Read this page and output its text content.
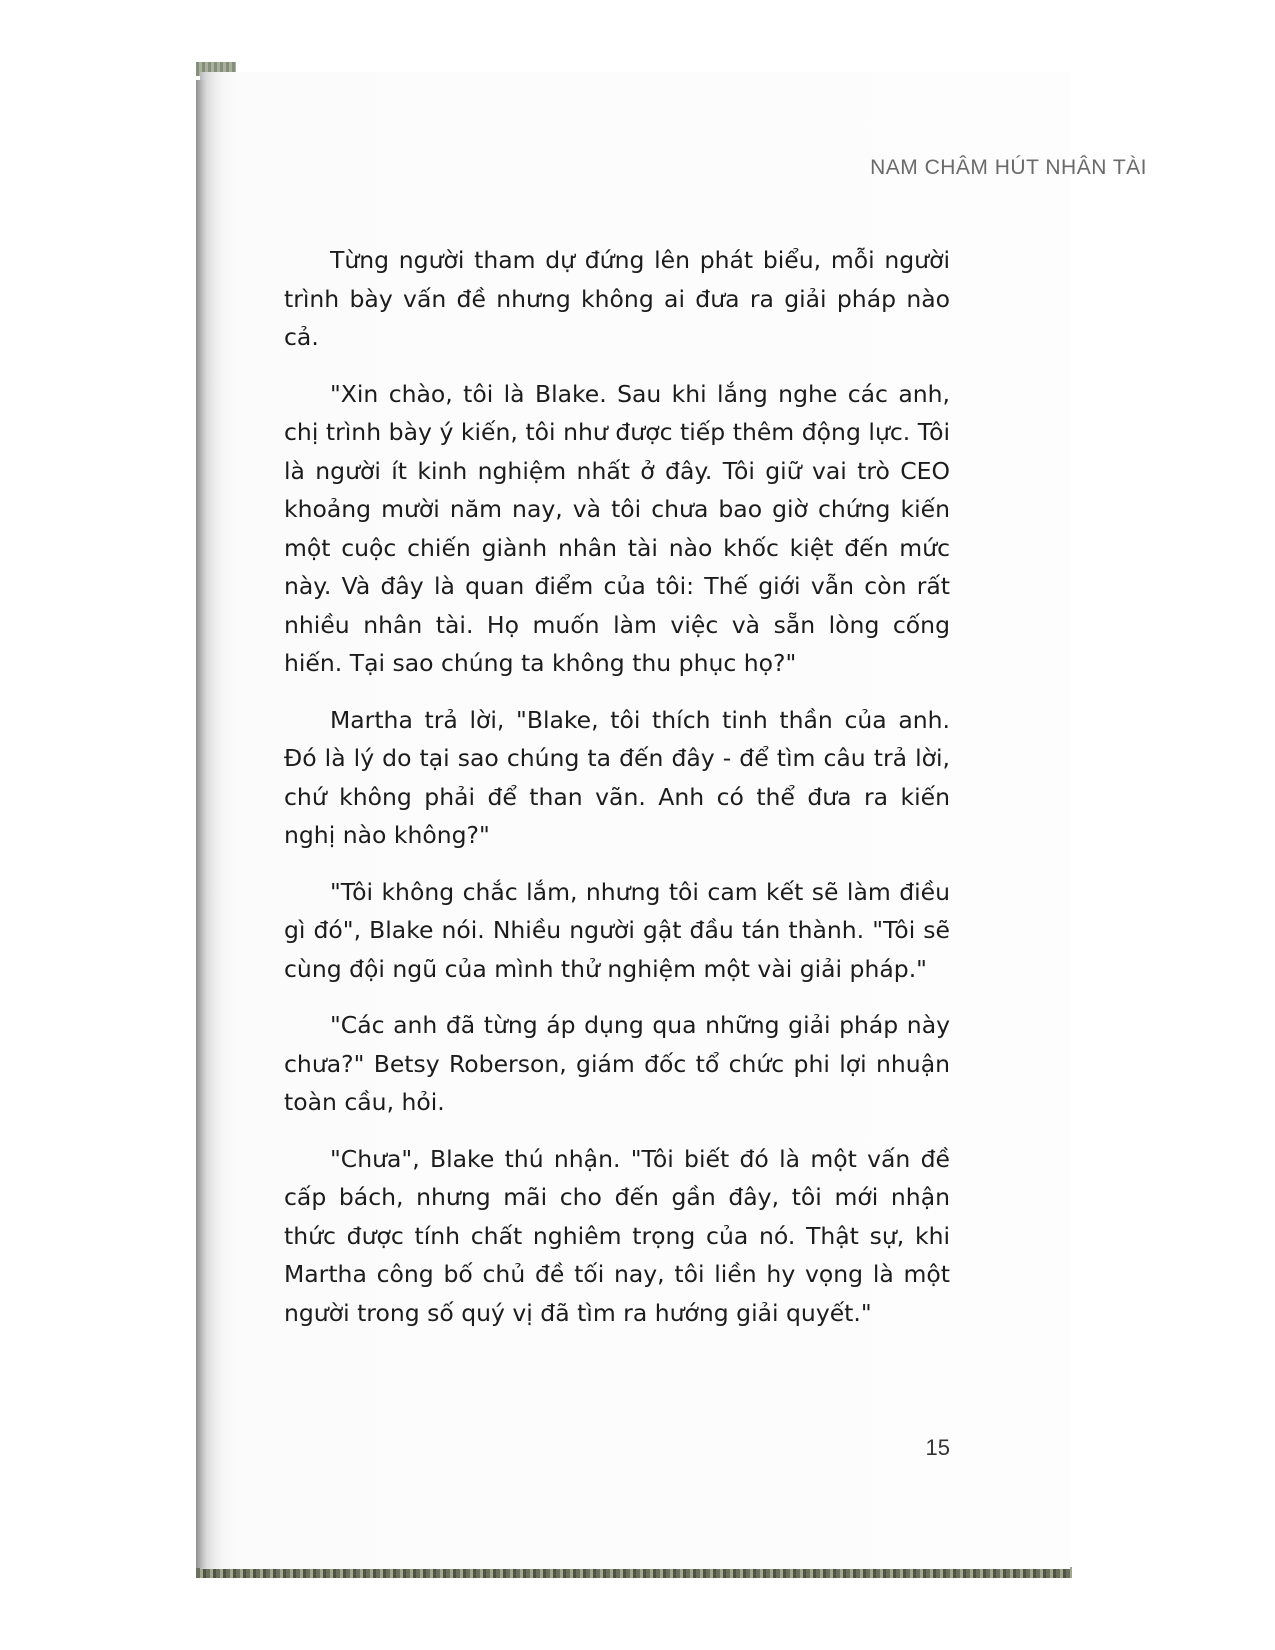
NAM CHÂM HÚT NHÂN TÀI

Từng người tham dự đứng lên phát biểu, mỗi người trình bày vấn đề nhưng không ai đưa ra giải pháp nào cả.

"Xin chào, tôi là Blake. Sau khi lắng nghe các anh, chị trình bày ý kiến, tôi như được tiếp thêm động lực. Tôi là người ít kinh nghiệm nhất ở đây. Tôi giữ vai trò CEO khoảng mười năm nay, và tôi chưa bao giờ chứng kiến một cuộc chiến giành nhân tài nào khốc kiệt đến mức này. Và đây là quan điểm của tôi: Thế giới vẫn còn rất nhiều nhân tài. Họ muốn làm việc và sẵn lòng cống hiến. Tại sao chúng ta không thu phục họ?"

Martha trả lời, "Blake, tôi thích tinh thần của anh. Đó là lý do tại sao chúng ta đến đây - để tìm câu trả lời, chứ không phải để than vãn. Anh có thể đưa ra kiến nghị nào không?"

"Tôi không chắc lắm, nhưng tôi cam kết sẽ làm điều gì đó", Blake nói. Nhiều người gật đầu tán thành. "Tôi sẽ cùng đội ngũ của mình thử nghiệm một vài giải pháp."

"Các anh đã từng áp dụng qua những giải pháp này chưa?" Betsy Roberson, giám đốc tổ chức phi lợi nhuận toàn cầu, hỏi.

"Chưa", Blake thú nhận. "Tôi biết đó là một vấn đề cấp bách, nhưng mãi cho đến gần đây, tôi mới nhận thức được tính chất nghiêm trọng của nó. Thật sự, khi Martha công bố chủ đề tối nay, tôi liền hy vọng là một người trong số quý vị đã tìm ra hướng giải quyết."

15
